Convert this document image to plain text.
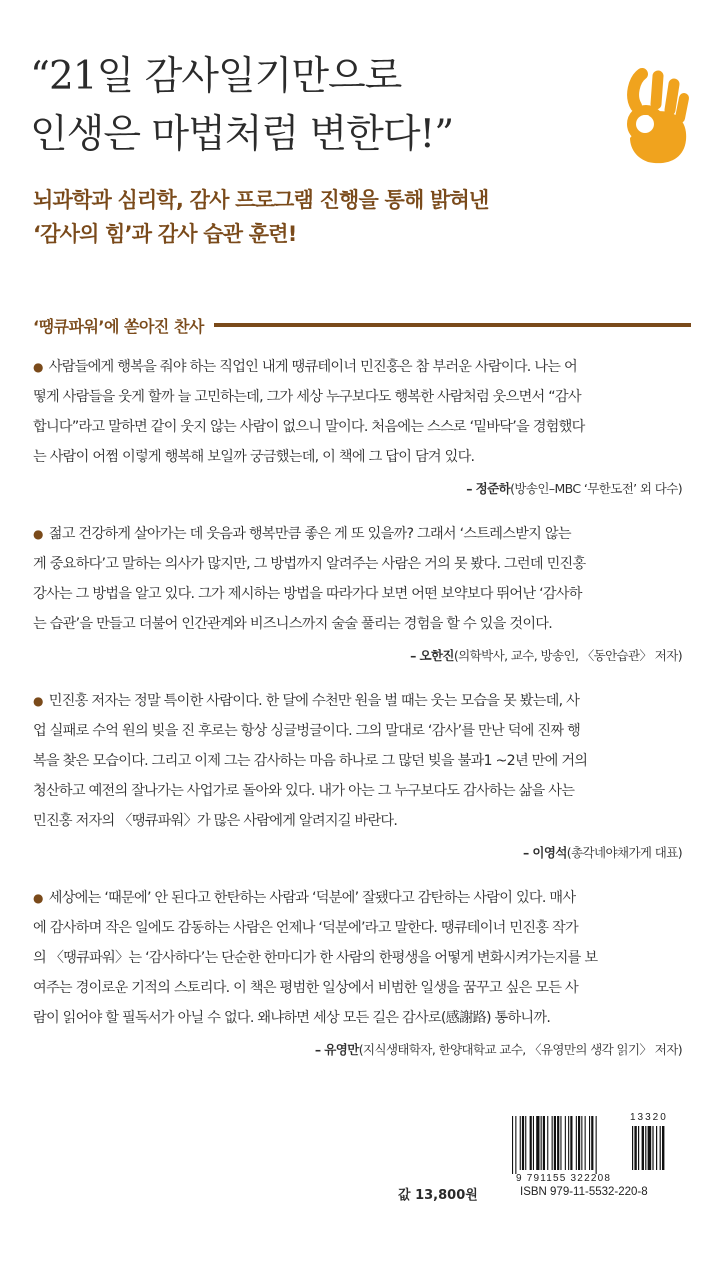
“21일 감사일기만으로
인생은 마법처럼 변한다!”
뇌과학과 심리학, 감사 프로그램 진행을 통해 밝혀낸
‘감사의 힘’과 감사 습관 훈련!
‘땡큐파워’에 쏟아진 찬사
● 사람들에게 행복을 줘야 하는 직업인 내게 땡큐테이너 민진홍은 참 부러운 사람이다. 나는 어
떻게 사람들을 웃게 할까 늘 고민하는데, 그가 세상 누구보다도 행복한 사람처럼 웃으면서 “감사
합니다”라고 말하면 같이 웃지 않는 사람이 없으니 말이다. 처음에는 스스로 ‘밑바닥’을 경험했다
는 사람이 어쩜 이렇게 행복해 보일까 궁금했는데, 이 책에 그 답이 담겨 있다.
– 정준하(방송인–MBC ‘무한도전’ 외 다수)
● 젊고 건강하게 살아가는 데 웃음과 행복만큼 좋은 게 또 있을까? 그래서 ‘스트레스받지 않는
게 중요하다’고 말하는 의사가 많지만, 그 방법까지 알려주는 사람은 거의 못 봤다. 그런데 민진홍
강사는 그 방법을 알고 있다. 그가 제시하는 방법을 따라가다 보면 어떤 보약보다 뛰어난 ‘감사하
는 습관’을 만들고 더불어 인간관계와 비즈니스까지 술술 풀리는 경험을 할 수 있을 것이다.
– 오한진(의학박사, 교수, 방송인, 〈동안습관〉 저자)
● 민진홍 저자는 정말 특이한 사람이다. 한 달에 수천만 원을 벌 때는 웃는 모습을 못 봤는데, 사
업 실패로 수억 원의 빚을 진 후로는 항상 싱글벙글이다. 그의 말대로 ‘감사’를 만난 덕에 진짜 행
복을 찾은 모습이다. 그리고 이제 그는 감사하는 마음 하나로 그 많던 빚을 불과1 ~2년 만에 거의
청산하고 예전의 잘나가는 사업가로 돌아와 있다. 내가 아는 그 누구보다도 감사하는 삶을 사는
민진홍 저자의 〈땡큐파워〉가 많은 사람에게 알려지길 바란다.
– 이영석(총각네야채가게 대표)
● 세상에는 ‘때문에’ 안 된다고 한탄하는 사람과 ‘덕분에’ 잘됐다고 감탄하는 사람이 있다. 매사
에 감사하며 작은 일에도 감동하는 사람은 언제나 ‘덕분에’라고 말한다. 땡큐테이너 민진홍 작가
의 〈땡큐파워〉는 ‘감사하다’는 단순한 한마디가 한 사람의 한평생을 어떻게 변화시켜가는지를 보
여주는 경이로운 기적의 스토리다. 이 책은 평범한 일상에서 비범한 일생을 꿈꾸고 싶은 모든 사
람이 읽어야 할 필독서가 아닐 수 없다. 왜냐하면 세상 모든 길은 감사로(感謝路) 통하니까.
– 유영만(지식생태학자, 한양대학교 교수, 〈유영만의 생각 읽기〉 저자)
값 13,800원
13320
9 791155 322208
ISBN 979-11-5532-220-8
